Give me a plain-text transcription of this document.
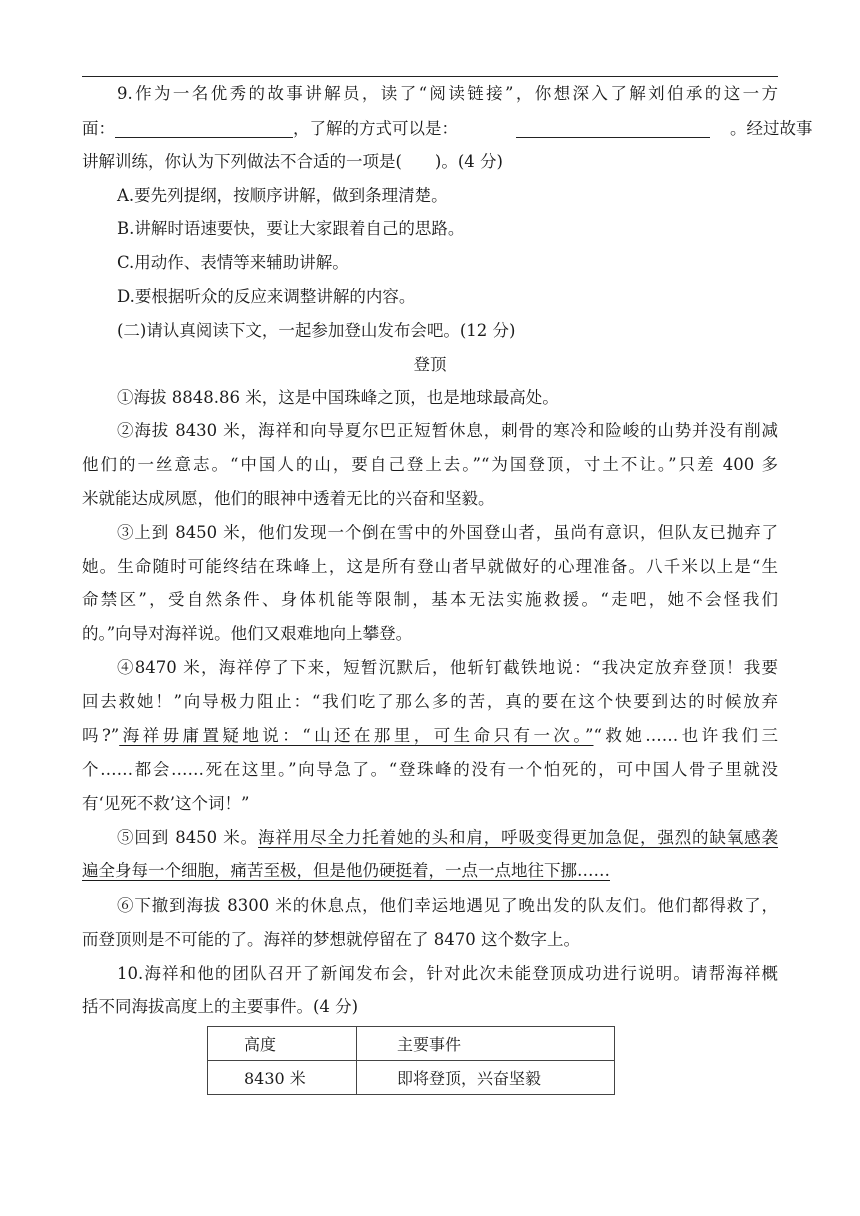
9.作为一名优秀的故事讲解员，读了“阅读链接”，你想深入了解刘伯承的这一方
面：	，了解的方式可以是：	。经过故事
讲解训练，你认为下列做法不合适的一项是(　　)。(4 分)
A.要先列提纲，按顺序讲解，做到条理清楚。
B.讲解时语速要快，要让大家跟着自己的思路。
C.用动作、表情等来辅助讲解。
D.要根据听众的反应来调整讲解的内容。
(二)请认真阅读下文，一起参加登山发布会吧。(12 分)
登顶
①海拔 8848.86 米，这是中国珠峰之顶，也是地球最高处。
②海拔 8430 米，海祥和向导夏尔巴正短暂休息，刺骨的寒冷和险峻的山势并没有削减
他们的一丝意志。“中国人的山，要自己登上去。”“为国登顶，寸土不让。”只差 400 多
米就能达成夙愿，他们的眼神中透着无比的兴奋和坚毅。
③上到 8450 米，他们发现一个倒在雪中的外国登山者，虽尚有意识，但队友已抛弃了
她。生命随时可能终结在珠峰上，这是所有登山者早就做好的心理准备。八千米以上是“生
命禁区”，受自然条件、身体机能等限制，基本无法实施救援。“走吧，她不会怪我们
的。”向导对海祥说。他们又艰难地向上攀登。
④8470 米，海祥停了下来，短暂沉默后，他斩钉截铁地说：“我决定放弃登顶！我要
回去救她！”向导极力阻止：“我们吃了那么多的苦，真的要在这个快要到达的时候放弃
吗?”海祥毋庸置疑地说：“山还在那里，可生命只有一次。”“救她……也许我们三
个……都会……死在这里。”向导急了。“登珠峰的没有一个怕死的，可中国人骨子里就没
有‘见死不救’这个词！”
⑤回到 8450 米。海祥用尽全力托着她的头和肩，呼吸变得更加急促，强烈的缺氧感袭
遍全身每一个细胞，痛苦至极，但是他仍硬挺着，一点一点地往下挪……
⑥下撤到海拔 8300 米的休息点，他们幸运地遇见了晚出发的队友们。他们都得救了，
而登顶则是不可能的了。海祥的梦想就停留在了 8470 这个数字上。
10.海祥和他的团队召开了新闻发布会，针对此次未能登顶成功进行说明。请帮海祥概
括不同海拔高度上的主要事件。(4 分)
高度	主要事件
8430 米	即将登顶，兴奋坚毅
